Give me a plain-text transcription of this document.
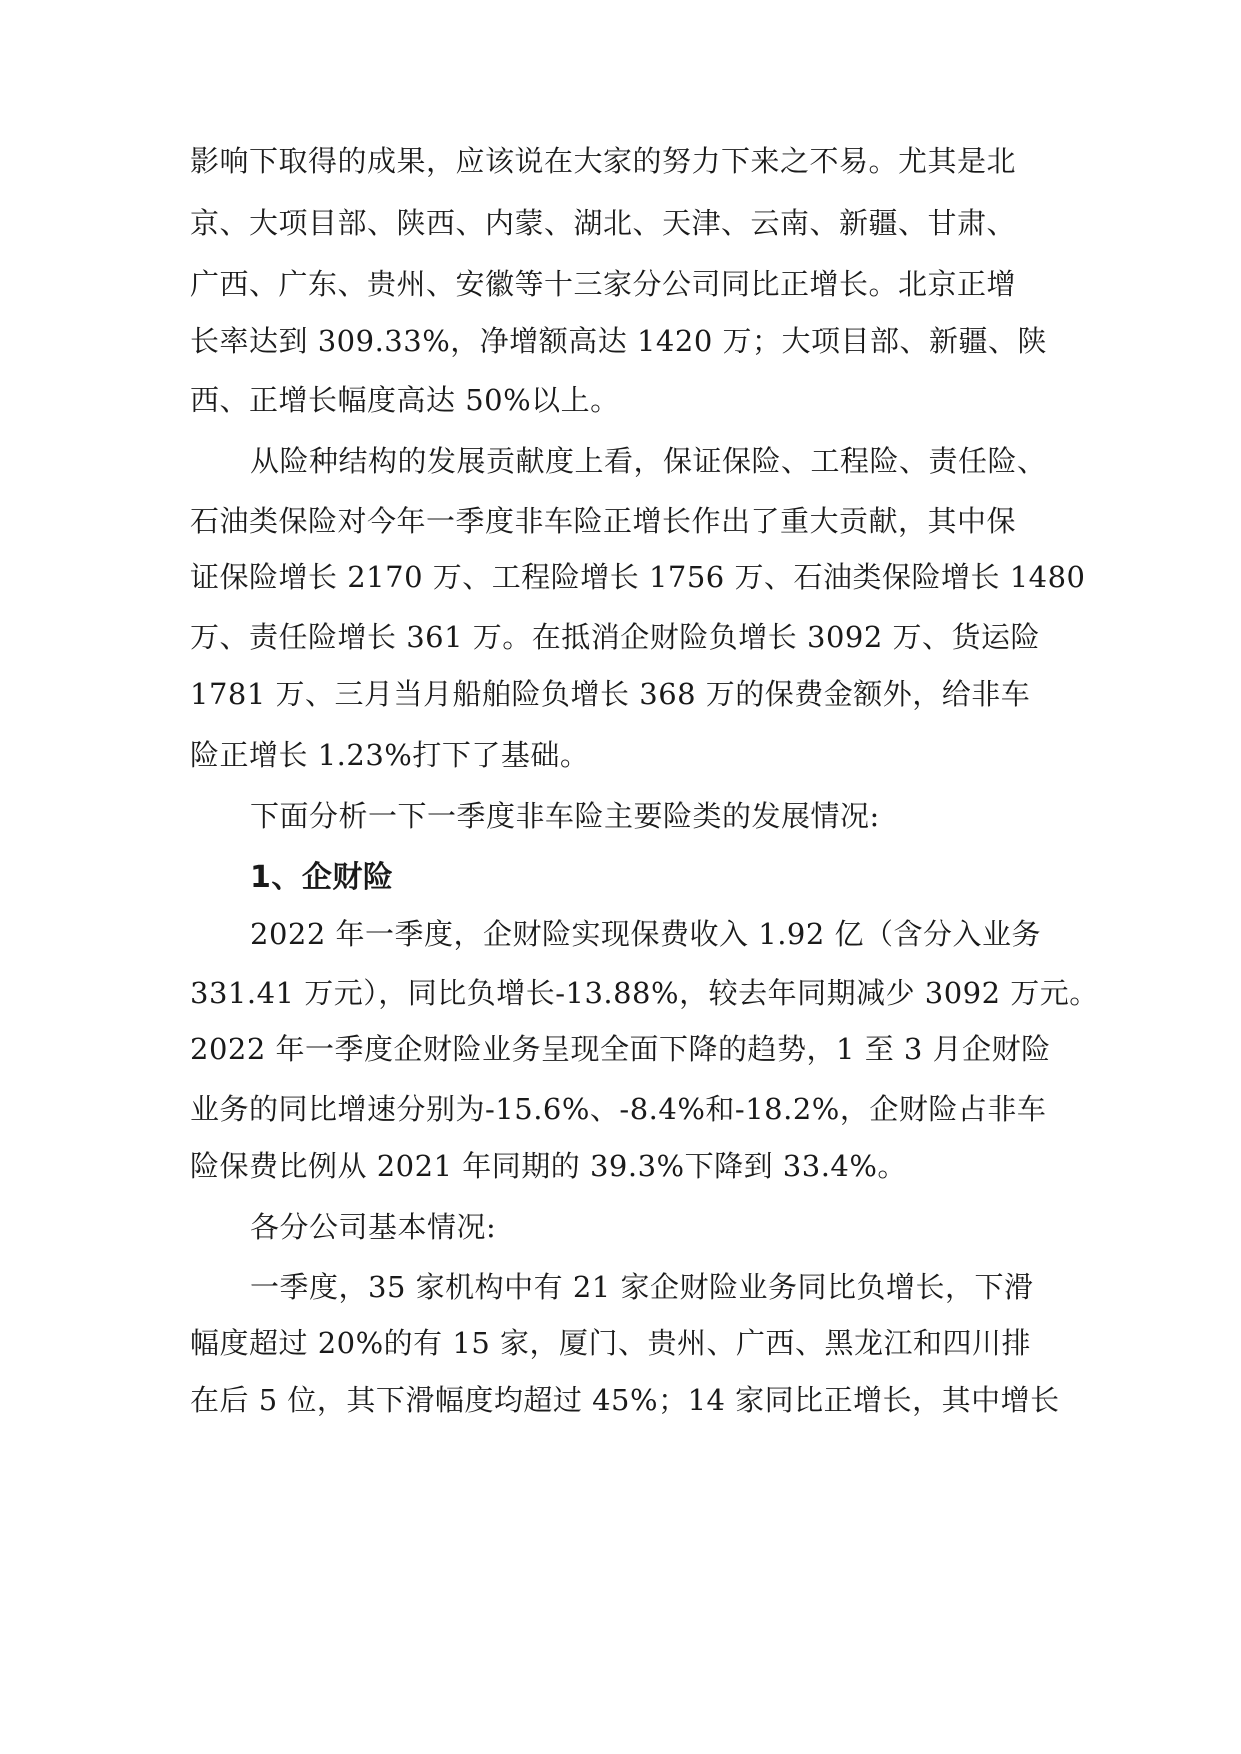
影响下取得的成果，应该说在大家的努力下来之不易。尤其是北
京、大项目部、陕西、内蒙、湖北、天津、云南、新疆、甘肃、
广西、广东、贵州、安徽等十三家分公司同比正增长。北京正增
长率达到 309.33%，净增额高达 1420 万；大项目部、新疆、陕
西、正增长幅度高达 50%以上。
从险种结构的发展贡献度上看，保证保险、工程险、责任险、
石油类保险对今年一季度非车险正增长作出了重大贡献，其中保
证保险增长 2170 万、工程险增长 1756 万、石油类保险增长 1480
万、责任险增长 361 万。在抵消企财险负增长 3092 万、货运险
1781 万、三月当月船舶险负增长 368 万的保费金额外，给非车
险正增长 1.23%打下了基础。
下面分析一下一季度非车险主要险类的发展情况:
1、企财险
2022 年一季度，企财险实现保费收入 1.92 亿（含分入业务
331.41 万元），同比负增长-13.88%，较去年同期减少 3092 万元。
2022 年一季度企财险业务呈现全面下降的趋势，1 至 3 月企财险
业务的同比增速分别为-15.6%、-8.4%和-18.2%，企财险占非车
险保费比例从 2021 年同期的 39.3%下降到 33.4%。
各分公司基本情况:
一季度，35 家机构中有 21 家企财险业务同比负增长，下滑
幅度超过 20%的有 15 家，厦门、贵州、广西、黑龙江和四川排
在后 5 位，其下滑幅度均超过 45%；14 家同比正增长，其中增长
